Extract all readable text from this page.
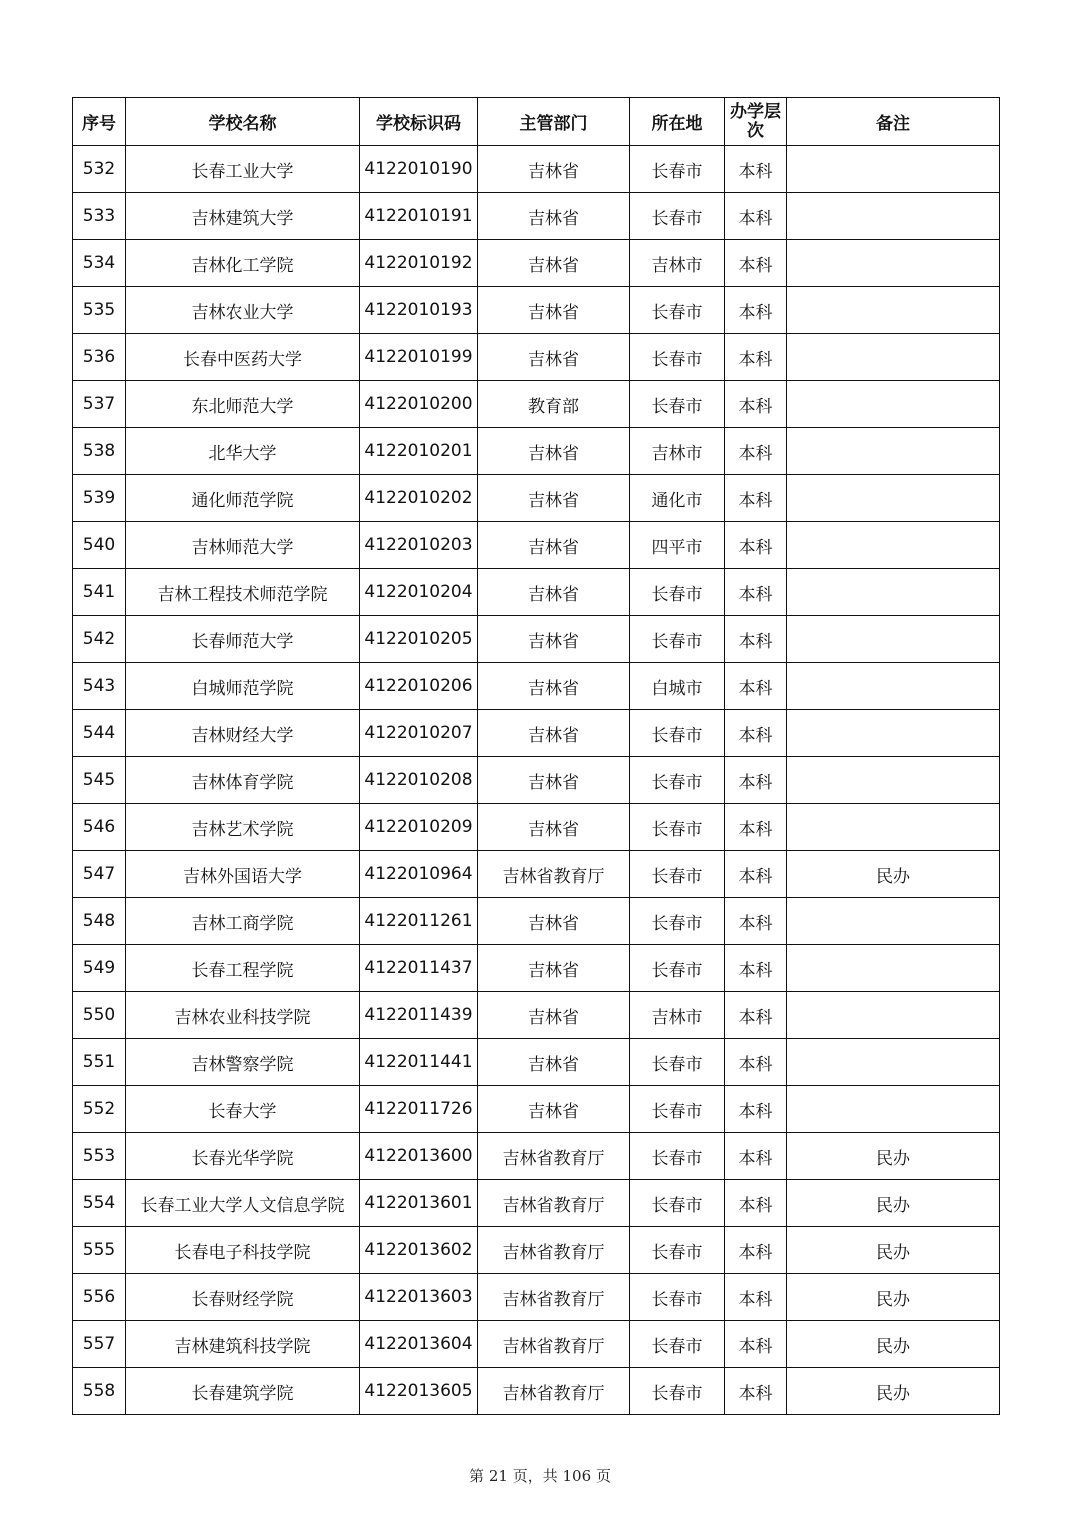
序号	学校名称	学校标识码	主管部门	所在地	办学层次	备注
532	长春工业大学	4122010190	吉林省	长春市	本科	
533	吉林建筑大学	4122010191	吉林省	长春市	本科	
534	吉林化工学院	4122010192	吉林省	吉林市	本科	
535	吉林农业大学	4122010193	吉林省	长春市	本科	
536	长春中医药大学	4122010199	吉林省	长春市	本科	
537	东北师范大学	4122010200	教育部	长春市	本科	
538	北华大学	4122010201	吉林省	吉林市	本科	
539	通化师范学院	4122010202	吉林省	通化市	本科	
540	吉林师范大学	4122010203	吉林省	四平市	本科	
541	吉林工程技术师范学院	4122010204	吉林省	长春市	本科	
542	长春师范大学	4122010205	吉林省	长春市	本科	
543	白城师范学院	4122010206	吉林省	白城市	本科	
544	吉林财经大学	4122010207	吉林省	长春市	本科	
545	吉林体育学院	4122010208	吉林省	长春市	本科	
546	吉林艺术学院	4122010209	吉林省	长春市	本科	
547	吉林外国语大学	4122010964	吉林省教育厅	长春市	本科	民办
548	吉林工商学院	4122011261	吉林省	长春市	本科	
549	长春工程学院	4122011437	吉林省	长春市	本科	
550	吉林农业科技学院	4122011439	吉林省	吉林市	本科	
551	吉林警察学院	4122011441	吉林省	长春市	本科	
552	长春大学	4122011726	吉林省	长春市	本科	
553	长春光华学院	4122013600	吉林省教育厅	长春市	本科	民办
554	长春工业大学人文信息学院	4122013601	吉林省教育厅	长春市	本科	民办
555	长春电子科技学院	4122013602	吉林省教育厅	长春市	本科	民办
556	长春财经学院	4122013603	吉林省教育厅	长春市	本科	民办
557	吉林建筑科技学院	4122013604	吉林省教育厅	长春市	本科	民办
558	长春建筑学院	4122013605	吉林省教育厅	长春市	本科	民办
第 21 页，共 106 页
